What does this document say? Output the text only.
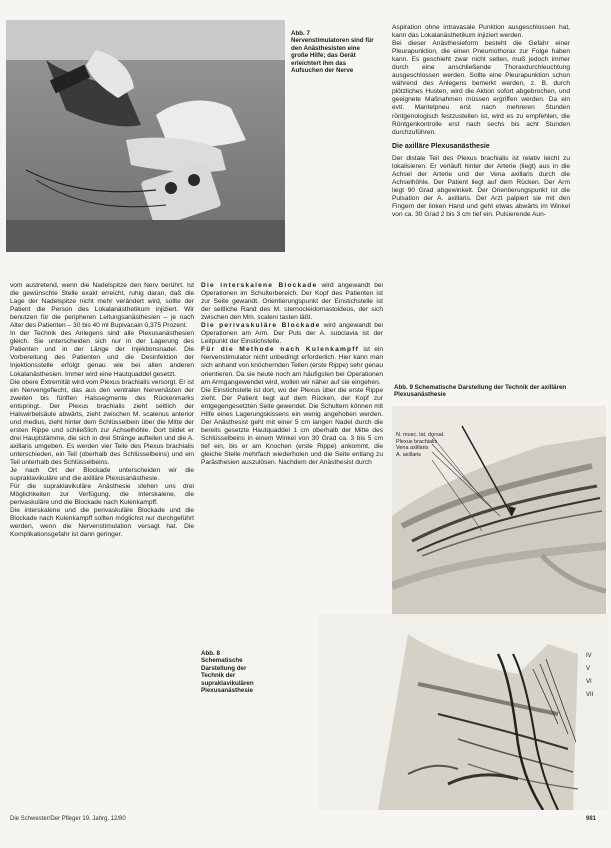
Abb. 7
Nervenstimulatoren sind für den Anästhesisten eine große Hilfe; das Gerät erleichtert ihm das Aufsuchen der Nerve

Aspiration ohne intravasale Punktion ausgeschlossen hat, kann das Lokalanästhetikum injiziert werden.

Bei dieser Anästhesieform besteht die Gefahr einer Pleurapunktion, die einen Pneumothorax zur Folge haben kann. Es geschieht zwar nicht selten, muß jedoch immer durch eine anschließende Thoraxdurchleuchtung ausgeschlossen werden. Sollte eine Pleurapunktion schon während des Anlegens bemerkt werden, z. B. durch plötzliches Husten, wird die Aktion sofort abgebrochen, und geeignete Maßnahmen müssen ergriffen werden. Da ein evtl. Mantelpneu erst nach mehreren Stunden röntgenologisch festzustellen ist, wird es zu empfehlen, die Röntgenkontrolle erst nach sechs bis acht Stunden durchzuführen.

Die axilläre Plexusanästhesie

Der distale Teil des Plexus brachialis ist relativ leicht zu lokalisieren. Er verläuft hinter der Arterie (liegt) aus in die Achsel der Arterie und der Vena axillaris durch die Achselhöhle. Der Patient liegt auf dem Rücken. Der Arm liegt 90 Grad abgewinkelt. Der Orientierungspunkt ist die Pulsation der A. axillaris. Der Arzt palpiert sie mit den Fingern der linken Hand und geht etwas abwärts im Winkel von ca. 30 Grad 2 bis 3 cm tief ein. Pulsierende Aun-

vom austretend, wenn die Nadelspitze den Nerv berührt. Ist die gewünschte Stelle exakt erreicht, ruhig daran, daß die Lage der Nadelspitze nicht mehr verändert wird, sollte der Patient die Person des Lokalanästhetikum injiziert. Wir benutzen für die peripheren Leitungsanästhesien – je nach Alter des Patienten – 30 bis 40 ml Bupivacain 0,375 Prozent.

In der Technik des Anlegens sind alle Plexusanästhesien gleich. Sie unterscheiden sich nur in der Lagerung des Patienten und in der Länge der Injektionsnadel. Die Vorbereitung des Patienten und die Desinfektion der Injektionsstelle erfolgt genau wie bei allen anderen Lokalanästhesien. Immer wird eine Hautquaddel gesetzt.

Die obere Extremität wird vom Plexus brachialis versorgt. Er ist ein Nervengeflecht, das aus den ventralen Nervenästen der zweiten bis fünften Halssegmente des Rückenmarks entspringt. Der Plexus brachialis zieht seitlich der Halswirbelsäule abwärts, zieht zwischen M. scalenus anterior und medius, zieht hinter dem Schlüsselbein über die Mitte der ersten Rippe und schließlich zur Achselhöhle. Dort bildet er drei Hauptstämme, die sich in drei Stränge aufteilen und die A. axillaris umgeben. Es werden vier Teile des Plexus brachialis unterschieden, ein Teil (oberhalb des Schlüsselbeins) und ein Teil unterhalb des Schlüsselbeins.

Je nach Ort der Blockade unterscheiden wir die supraklavikuläre und die axilläre Plexusanästhesie.

Für die supraklavikuläre Anästhesie stehen uns drei Möglichkeiten zur Verfügung, die interskalene, die perivaskuläre und die Blockade nach Kulenkampff.

Die interskalene und die perivaskuläre Blockade und die Blockade nach Kulenkampff sollten möglichst nur durchgeführt werden, wenn die Nervenstimulation versagt hat. Die Komplikationsgefahr ist dann geringer.

Die interskalene Blockade wird angewandt bei Operationen im Schulterbereich. Der Kopf des Patienten ist zur Seite gewandt. Orientierungspunkt der Einstichstelle ist der seitliche Rand des M. sternocleidomastoideus, der sich zwischen den Mm. scaleni tasten läßt.

Die perivaskuläre Blockade wird angewandt bei Operationen am Arm. Der Puls der A. subclavia ist der Leitpunkt der Einstichstelle.

Für die Methode nach Kulenkampff ist ein Nervenstimulator nicht unbedingt erforderlich. Hier kann man sich anhand von knöchernden Teilen (erste Rippe) sehr genau orientieren. Da sie heute noch am häufigsten bei Operationen am Armgangewendet wird, wollen wir näher auf sie eingehen.

Die Einstichstelle ist dort, wo der Plexus über die erste Rippe zieht. Der Patient liegt auf dem Rücken, der Kopf zur entgegengesetzten Seite gewendet. Die Schultern können mit Hilfe eines Lagerungskissens ein wenig angehoben werden. Der Anästhesist geht mit einer 5 cm langen Nadel durch die bereits gesetzte Hautquaddel 1 cm oberhalb der Mitte des Schlüsselbeins in einem Winkel von 30 Grad ca. 3 bis 5 cm tief ein, bis er am Knochen (erste Rippe) ankommt, die gleiche Stelle mehrfach wiederholen und die Seite entlang zu Parästhesien auszulösen. Nachdem der Anästhesist durch

Abb. 9 Schematische Darstellung der Technik der axillären Plexusanästhesie
N. musc. lat. dorsal.
Plexus brachialis
Vena axillaris
A. axillaris
Abb. 8
Schematische Darstellung der Technik der supraklavikulären Plexusanästhesie
IV
V
VI
VII
Die Schwester/Der Pfleger 19. Jahrg. 12/80	981
